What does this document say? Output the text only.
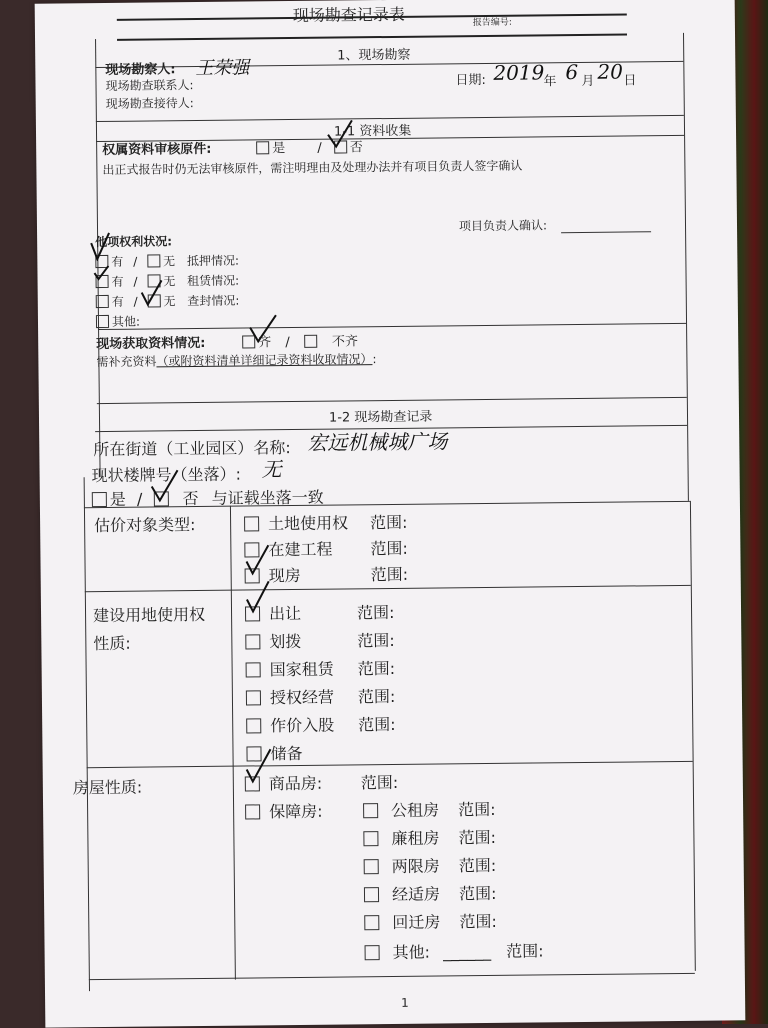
现场勘查记录表	报告编号:
1、现场勘察
现场勘察人: 王荣强
现场勘查联系人:
现场勘查接待人:
日期: 2019
年 6 月 20 日
1-1 资料收集
权属资料审核原件:	是 / 否
出正式报告时仍无法审核原件，需注明理由及处理办法并有项目负责人签字确认
项目负责人确认:
他项权利状况:
有 / 无 抵押情况:
有 / 无 租赁情况:
有 / 无 查封情况:
其他:
现场获取资料情况:	齐 /	不齐
需补充资料（或附资料清单详细记录资料收取情况）:
1-2 现场勘查记录
所在街道（工业园区）名称: 宏远机械城广场
现状楼牌号（坐落）: 无
是 / 否 与证载坐落一致
估价对象类型:	土地使用权 范围:
在建工程 范围:
现房	范围:
建设用地使用权
性质:
出让	范围:
划拨	范围:
国家租赁 范围:
授权经营 范围:
作价入股 范围:
储备
房屋性质:	商品房: 范围:
保障房:	公租房 范围:
廉租房 范围:
两限房 范围:
经适房 范围:
回迁房 范围:
其他: ______ 范围:
1
